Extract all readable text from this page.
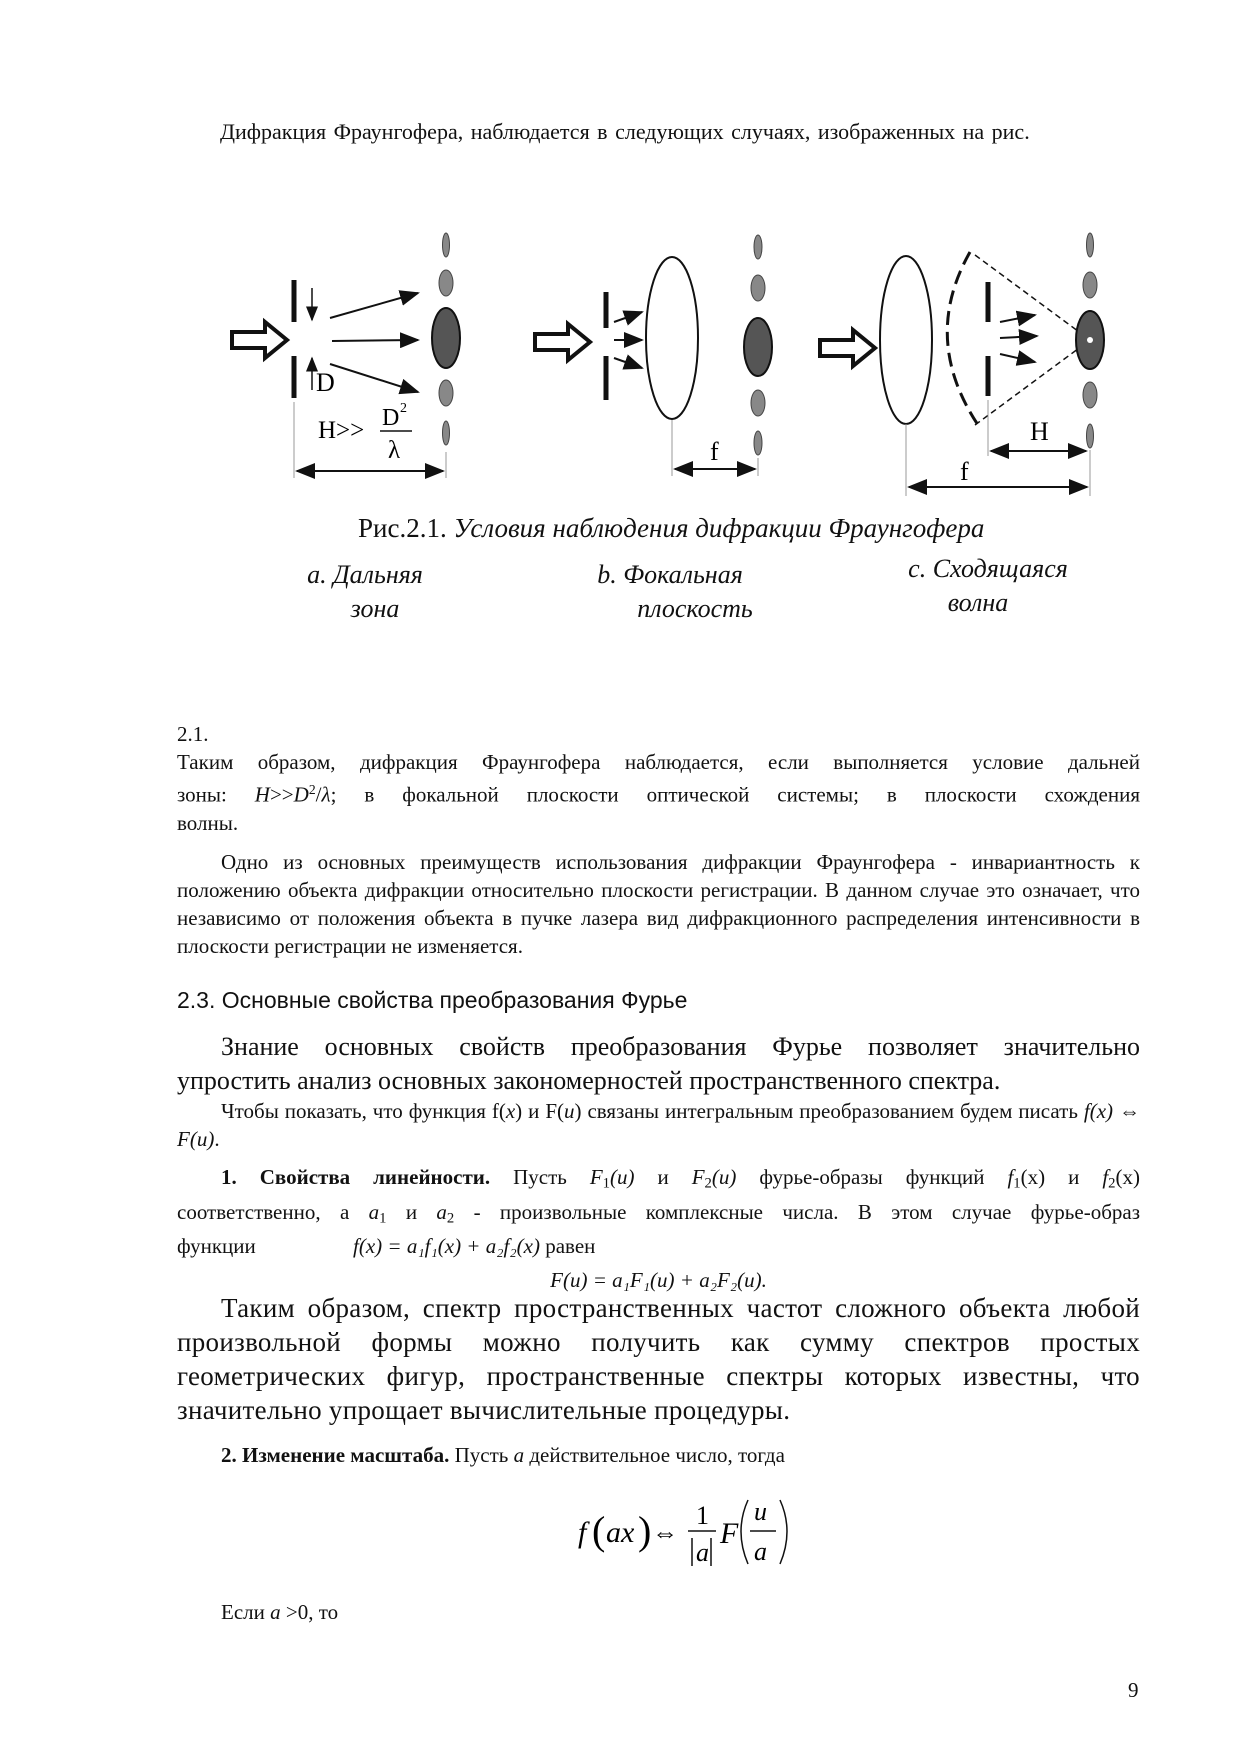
Дифракция Фраунгофера, наблюдается в следующих случаях, изображенных на рис.
D
H>> D 2
λ	f
H
f
Рис.2.1. Условия наблюдения дифракции Фраунгофера
a. Дальняя
зона
b. Фокальная
плоскость
c. Сходящаяся
волна
2.1.
Таким образом, дифракция Фраунгофера наблюдается, если выполняется условие дальней
зоны: $H>>D^2/\lambda$; в фокальной плоскости оптической системы; в плоскости схождения
волны.
Одно из основных преимуществ использования дифракции Фраунгофера - инвариантность к положению объекта дифракции относительно плоскости регистрации. В данном случае это означает, что независимо от положения объекта в пучке лазера вид дифракционного распределения интенсивности в плоскости регистрации не изменяется.
2.3. Основные свойства преобразования Фурье
Знание основных свойств преобразования Фурье позволяет значительно упростить анализ основных закономерностей пространственного спектра.
Чтобы показать, что функция f(x) и F(u) связаны интегральным преобразованием будем писать f(x) ⇔ F(u).
1. Свойства линейности. Пусть $F_1(u)$ и $F_2(u)$ фурье-образы функций $f_1(x)$ и $f_2(x)$
соответственно, а $a_1$ и $a_2$ - произвольные комплексные числа. В этом случае фурье-образ
функции	f(x) = a₁f₁(x) + a₂f₂(x) равен
F(u) = a₁F₁(u) + a₂F₂(u).
Таким образом, спектр пространственных частот сложного объекта любой произвольной формы можно получить как сумму спектров простых геометрических фигур, пространственные спектры которых известны, что значительно упрощает вычислительные процедуры.
2. Изменение масштаба. Пусть a действительное число, тогда
f ( ax ) ⇔
1
a
F
u
a
Если a >0, то
9
